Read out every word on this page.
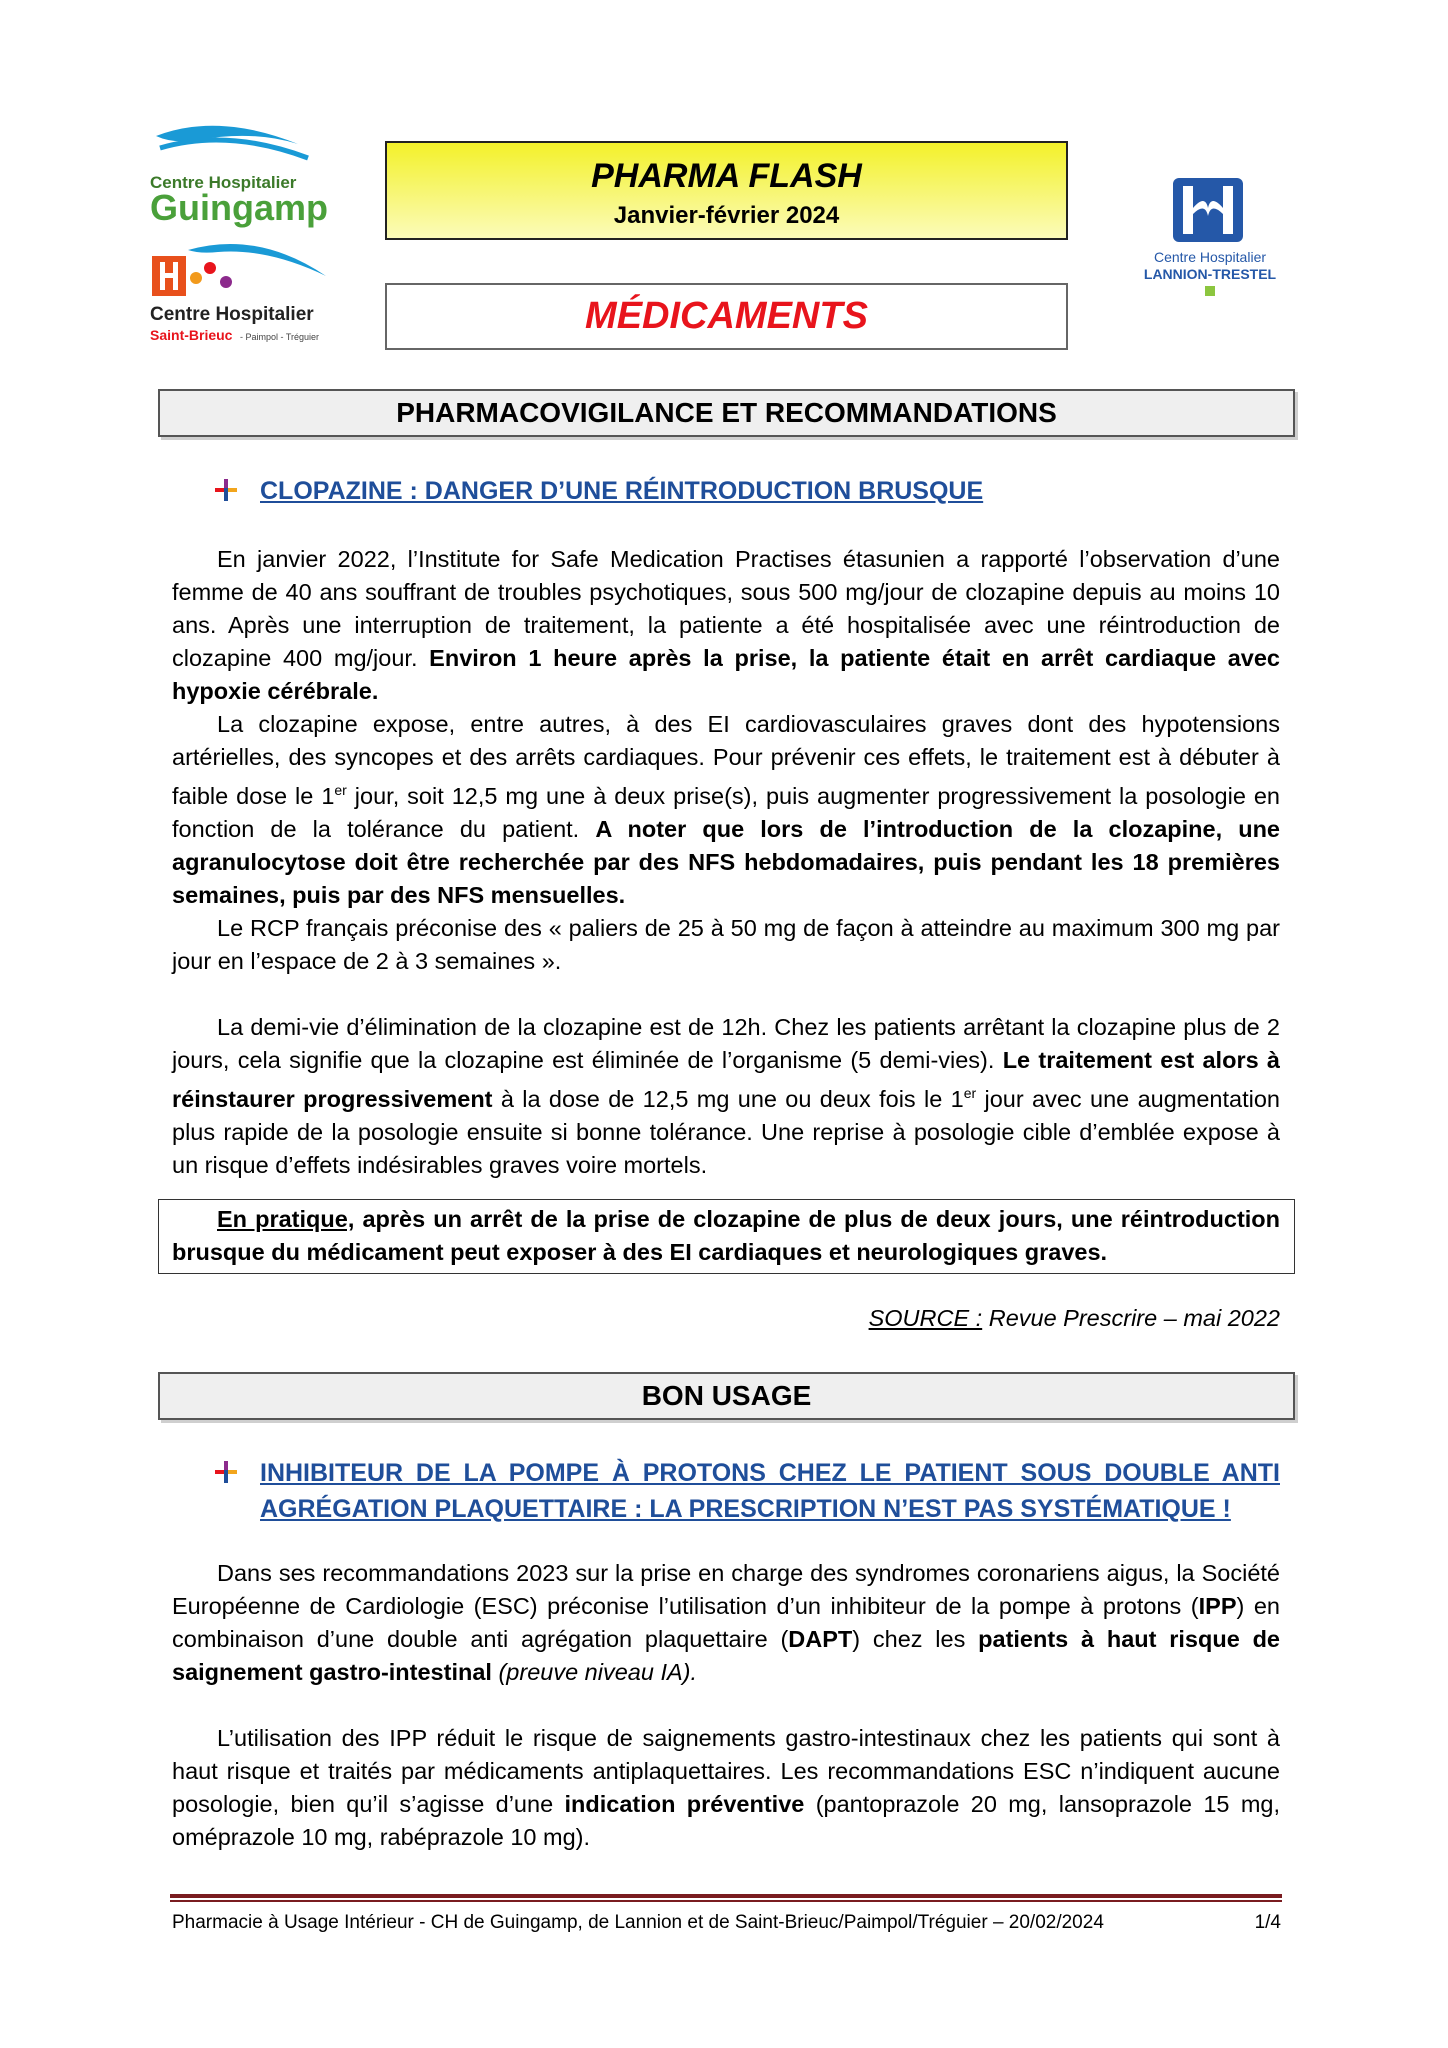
Centre Hospitalier
Guingamp
Centre Hospitalier
Saint-Brieuc - Paimpol - Tréguier
Centre Hospitalier
LANNION-TRESTEL
PHARMA FLASH
Janvier-février 2024
MÉDICAMENTS
PHARMACOVIGILANCE ET RECOMMANDATIONS
CLOPAZINE : DANGER D’UNE RÉINTRODUCTION BRUSQUE

En janvier 2022, l’Institute for Safe Medication Practises étasunien a rapporté l’observation d’une femme de 40 ans souffrant de troubles psychotiques, sous 500 mg/jour de clozapine depuis au moins 10 ans. Après une interruption de traitement, la patiente a été hospitalisée avec une réintroduction de clozapine 400 mg/jour. Environ 1 heure après la prise, la patiente était en arrêt cardiaque avec hypoxie cérébrale.

La clozapine expose, entre autres, à des EI cardiovasculaires graves dont des hypotensions artérielles, des syncopes et des arrêts cardiaques. Pour prévenir ces effets, le traitement est à débuter à faible dose le 1er jour, soit 12,5 mg une à deux prise(s), puis augmenter progressivement la posologie en fonction de la tolérance du patient. A noter que lors de l’introduction de la clozapine, une agranulocytose doit être recherchée par des NFS hebdomadaires, puis pendant les 18 premières semaines, puis par des NFS mensuelles.

Le RCP français préconise des « paliers de 25 à 50 mg de façon à atteindre au maximum 300 mg par jour en l’espace de 2 à 3 semaines ».

La demi-vie d’élimination de la clozapine est de 12h. Chez les patients arrêtant la clozapine plus de 2 jours, cela signifie que la clozapine est éliminée de l’organisme (5 demi-vies). Le traitement est alors à réinstaurer progressivement à la dose de 12,5 mg une ou deux fois le 1er jour avec une augmentation plus rapide de la posologie ensuite si bonne tolérance. Une reprise à posologie cible d’emblée expose à un risque d’effets indésirables graves voire mortels.

En pratique, après un arrêt de la prise de clozapine de plus de deux jours, une réintroduction brusque du médicament peut exposer à des EI cardiaques et neurologiques graves.

SOURCE : Revue Prescrire – mai 2022
BON USAGE
INHIBITEUR DE LA POMPE À PROTONS CHEZ LE PATIENT SOUS DOUBLE ANTI AGRÉGATION PLAQUETTAIRE : LA PRESCRIPTION N’EST PAS SYSTÉMATIQUE !

Dans ses recommandations 2023 sur la prise en charge des syndromes coronariens aigus, la Société Européenne de Cardiologie (ESC) préconise l’utilisation d’un inhibiteur de la pompe à protons (IPP) en combinaison d’une double anti agrégation plaquettaire (DAPT) chez les patients à haut risque de saignement gastro-intestinal (preuve niveau IA).

L’utilisation des IPP réduit le risque de saignements gastro-intestinaux chez les patients qui sont à haut risque et traités par médicaments antiplaquettaires. Les recommandations ESC n’indiquent aucune posologie, bien qu’il s’agisse d’une indication préventive (pantoprazole 20 mg, lansoprazole 15 mg, oméprazole 10 mg, rabéprazole 10 mg).

Pharmacie à Usage Intérieur - CH de Guingamp, de Lannion et de Saint-Brieuc/Paimpol/Tréguier – 20/02/2024	1/4
